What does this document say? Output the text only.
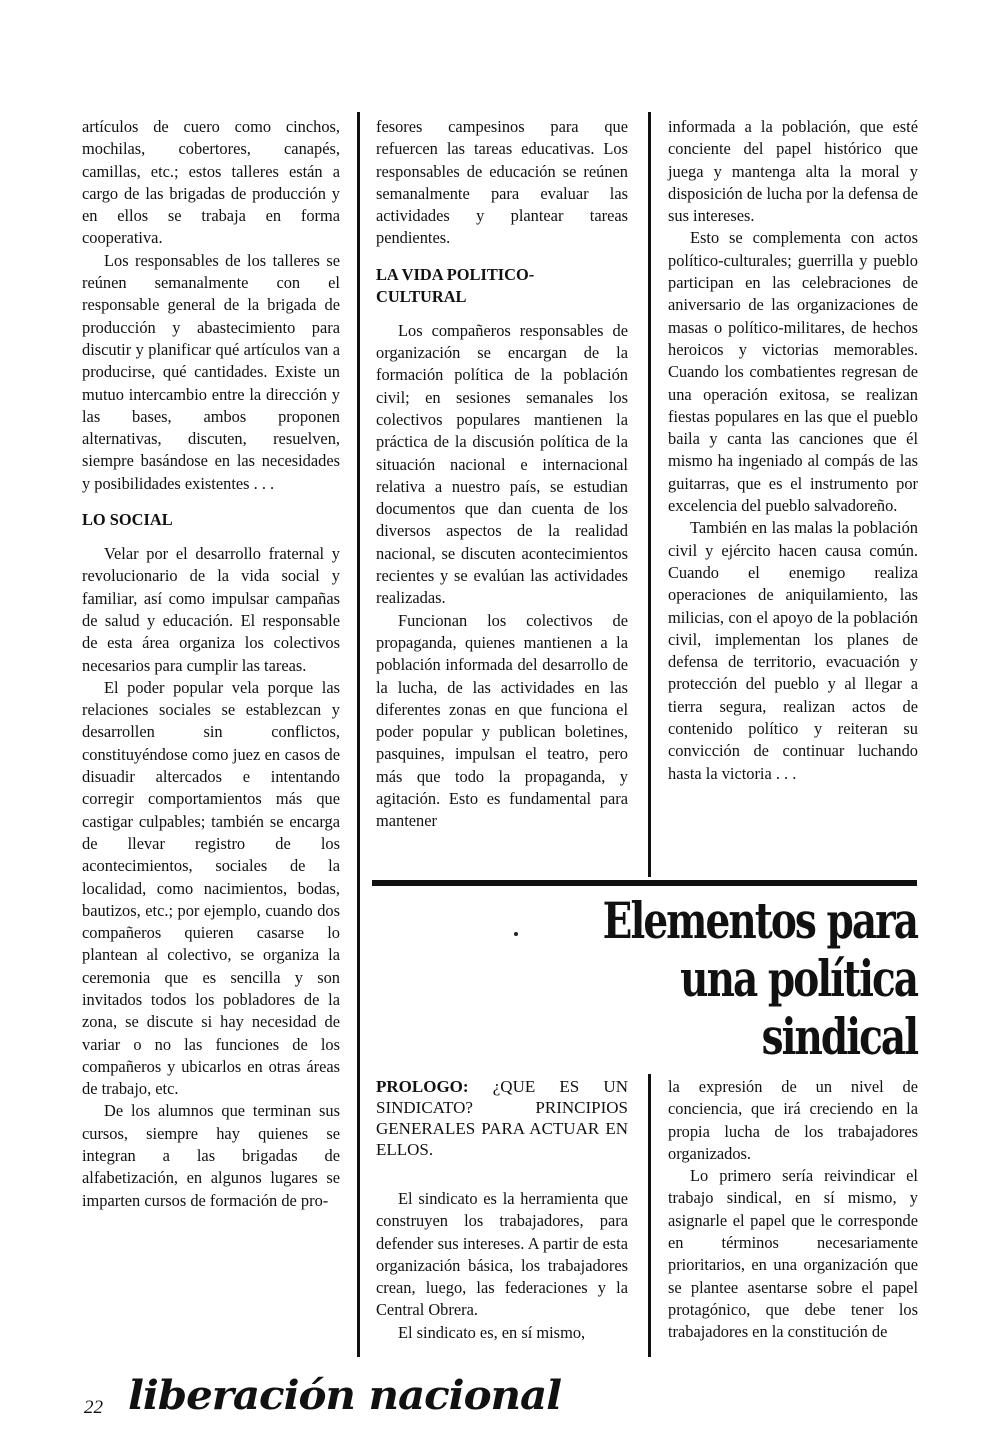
artículos de cuero como cinchos, mochilas, cobertores, canapés, camillas, etc.; estos talleres están a cargo de las brigadas de producción y en ellos se trabaja en forma cooperativa.

Los responsables de los talleres se reúnen semanalmente con el responsable general de la brigada de producción y abastecimiento para discutir y planificar qué artículos van a producirse, qué cantidades. Existe un mutuo intercambio entre la dirección y las bases, ambos proponen alternativas, discuten, resuelven, siempre basándose en las necesidades y posibilidades existentes . . .

LO SOCIAL

Velar por el desarrollo fraternal y revolucionario de la vida social y familiar, así como impulsar campañas de salud y educación. El responsable de esta área organiza los colectivos necesarios para cumplir las tareas.

El poder popular vela porque las relaciones sociales se establezcan y desarrollen sin conflictos, constituyéndose como juez en casos de disuadir altercados e intentando corregir comportamientos más que castigar culpables; también se encarga de llevar registro de los acontecimientos, sociales de la localidad, como nacimientos, bodas, bautizos, etc.; por ejemplo, cuando dos compañeros quieren casarse lo plantean al colectivo, se organiza la ceremonia que es sencilla y son invitados todos los pobladores de la zona, se discute si hay necesidad de variar o no las funciones de los compañeros y ubicarlos en otras áreas de trabajo, etc.

De los alumnos que terminan sus cursos, siempre hay quienes se integran a las brigadas de alfabetización, en algunos lugares se imparten cursos de formación de pro-

fesores campesinos para que refuercen las tareas educativas. Los responsables de educación se reúnen semanalmente para evaluar las actividades y plantear tareas pendientes.

LA VIDA POLITICO-CULTURAL

Los compañeros responsables de organización se encargan de la formación política de la población civil; en sesiones semanales los colectivos populares mantienen la práctica de la discusión política de la situación nacional e internacional relativa a nuestro país, se estudian documentos que dan cuenta de los diversos aspectos de la realidad nacional, se discuten acontecimientos recientes y se evalúan las actividades realizadas.

Funcionan los colectivos de propaganda, quienes mantienen a la población informada del desarrollo de la lucha, de las actividades en las diferentes zonas en que funciona el poder popular y publican boletines, pasquines, impulsan el teatro, pero más que todo la propaganda, y agitación. Esto es fundamental para mantener

informada a la población, que esté conciente del papel histórico que juega y mantenga alta la moral y disposición de lucha por la defensa de sus intereses.

Esto se complementa con actos político-culturales; guerrilla y pueblo participan en las celebraciones de aniversario de las organizaciones de masas o político-militares, de hechos heroicos y victorias memorables. Cuando los combatientes regresan de una operación exitosa, se realizan fiestas populares en las que el pueblo baila y canta las canciones que él mismo ha ingeniado al compás de las guitarras, que es el instrumento por excelencia del pueblo salvadoreño.

También en las malas la población civil y ejército hacen causa común. Cuando el enemigo realiza operaciones de aniquilamiento, las milicias, con el apoyo de la población civil, implementan los planes de defensa de territorio, evacuación y protección del pueblo y al llegar a tierra segura, realizan actos de contenido político y reiteran su convicción de continuar luchando hasta la victoria . . .

Elementos para
una política
sindical

PROLOGO: ¿QUE ES UN SINDICATO? PRINCIPIOS GENERALES PARA ACTUAR EN ELLOS.

El sindicato es la herramienta que construyen los trabajadores, para defender sus intereses. A partir de esta organización básica, los trabajadores crean, luego, las federaciones y la Central Obrera.

El sindicato es, en sí mismo,

la expresión de un nivel de conciencia, que irá creciendo en la propia lucha de los trabajadores organizados.

Lo primero sería reivindicar el trabajo sindical, en sí mismo, y asignarle el papel que le corresponde en términos necesariamente prioritarios, en una organización que se plantee asentarse sobre el papel protagónico, que debe tener los trabajadores en la constitución de

22 liberación nacional
